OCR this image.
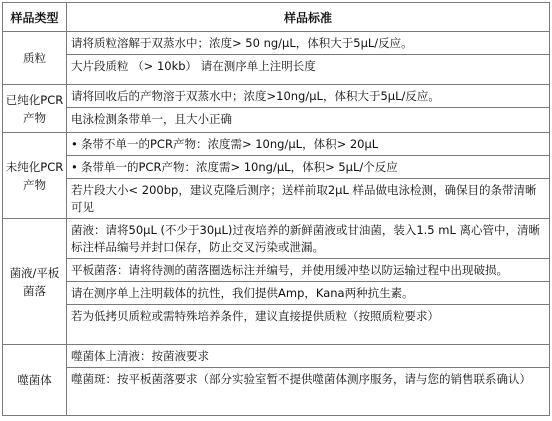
样品类型	样品标准
质粒	请将质粒溶解于双蒸水中；浓度> 50 ng/μL，体积大于5μL/反应。
大片段质粒 （> 10kb） 请在测序单上注明长度

已纯化PCR产物	请将回收后的产物溶于双蒸水中；浓度>10ng/μL，体积大于5μL/反应。
电泳检测条带单一，且大小正确

未纯化PCR产物	• 条带不单一的PCR产物：浓度需> 10ng/μL，体积> 20μL
• 条带单一的PCR产物：浓度需> 10ng/μL，体积> 5μL/个反应
若片段大小< 200bp，建议克隆后测序；送样前取2μL 样品做电泳检测，确保目的条带清晰可见

菌液/平板菌落	菌液：请将50μL (不少于30μL)过夜培养的新鲜菌液或甘油菌，装入1.5 mL 离心管中，清晰标注样品编号并封口保存，防止交叉污染或泄漏。
平板菌落：请将待测的菌落圈选标注并编号，并使用缓冲垫以防运输过程中出现破损。
请在测序单上注明载体的抗性，我们提供Amp，Kana两种抗生素。
若为低拷贝质粒或需特殊培养条件，建议直接提供质粒（按照质粒要求）

噬菌体	噬菌体上清液：按菌液要求
噬菌斑：按平板菌落要求（部分实验室暂不提供噬菌体测序服务，请与您的销售联系确认）
